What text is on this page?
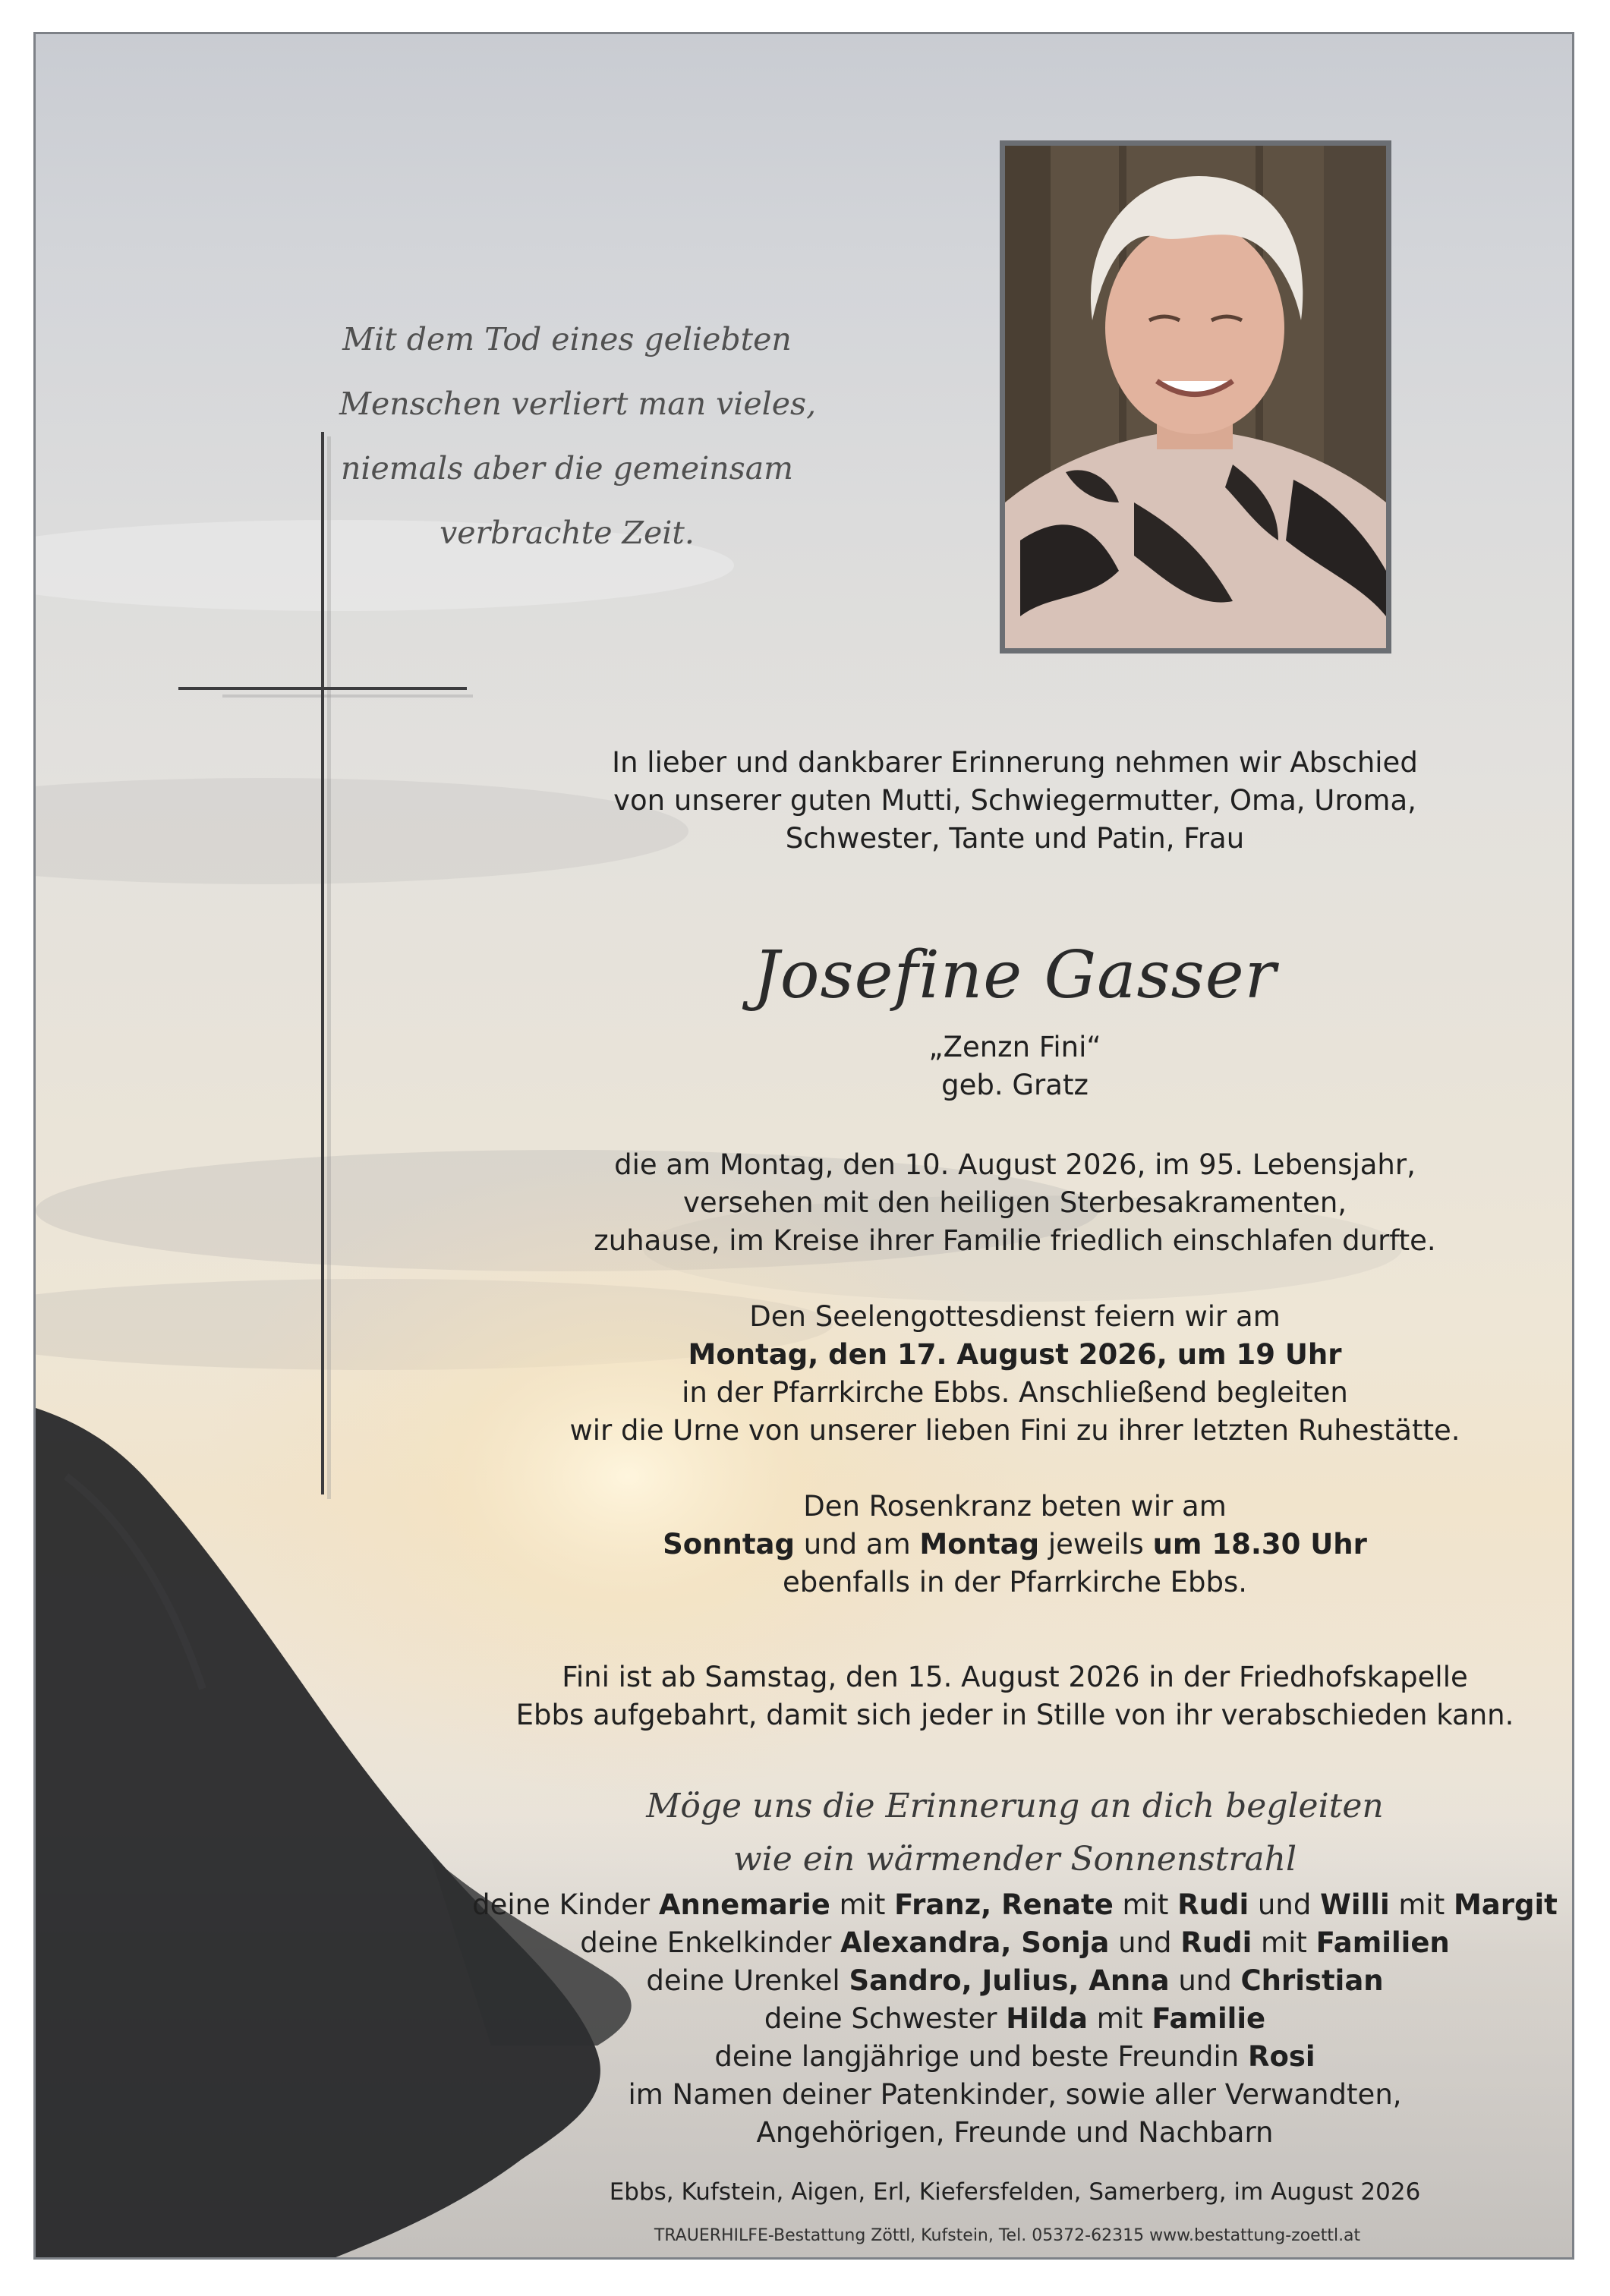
Mit dem Tod eines geliebten
Menschen verliert man vieles,
niemals aber die gemeinsam
verbrachte Zeit.
In lieber und dankbarer Erinnerung nehmen wir Abschied
von unserer guten Mutti, Schwiegermutter, Oma, Uroma,
Schwester, Tante und Patin, Frau
Josefine Gasser
„Zenzn Fini“
geb. Gratz
die am Montag, den 10. August 2026, im 95. Lebensjahr,
versehen mit den heiligen Sterbesakramenten,
zuhause, im Kreise ihrer Familie friedlich einschlafen durfte.
Den Seelengottesdienst feiern wir am
Montag, den 17. August 2026, um 19 Uhr
in der Pfarrkirche Ebbs. Anschließend begleiten
wir die Urne von unserer lieben Fini zu ihrer letzten Ruhestätte.
Den Rosenkranz beten wir am
Sonntag und am Montag jeweils um 18.30 Uhr
ebenfalls in der Pfarrkirche Ebbs.
Fini ist ab Samstag, den 15. August 2026 in der Friedhofskapelle
Ebbs aufgebahrt, damit sich jeder in Stille von ihr verabschieden kann.
Möge uns die Erinnerung an dich begleiten
wie ein wärmender Sonnenstrahl
deine Kinder Annemarie mit Franz, Renate mit Rudi und Willi mit Margit
deine Enkelkinder Alexandra, Sonja und Rudi mit Familien
deine Urenkel Sandro, Julius, Anna und Christian
deine Schwester Hilda mit Familie
deine langjährige und beste Freundin Rosi
im Namen deiner Patenkinder, sowie aller Verwandten,
Angehörigen, Freunde und Nachbarn
Ebbs, Kufstein, Aigen, Erl, Kiefersfelden, Samerberg, im August 2026
TRAUERHILFE-Bestattung Zöttl, Kufstein, Tel. 05372-62315 www.bestattung-zoettl.at
